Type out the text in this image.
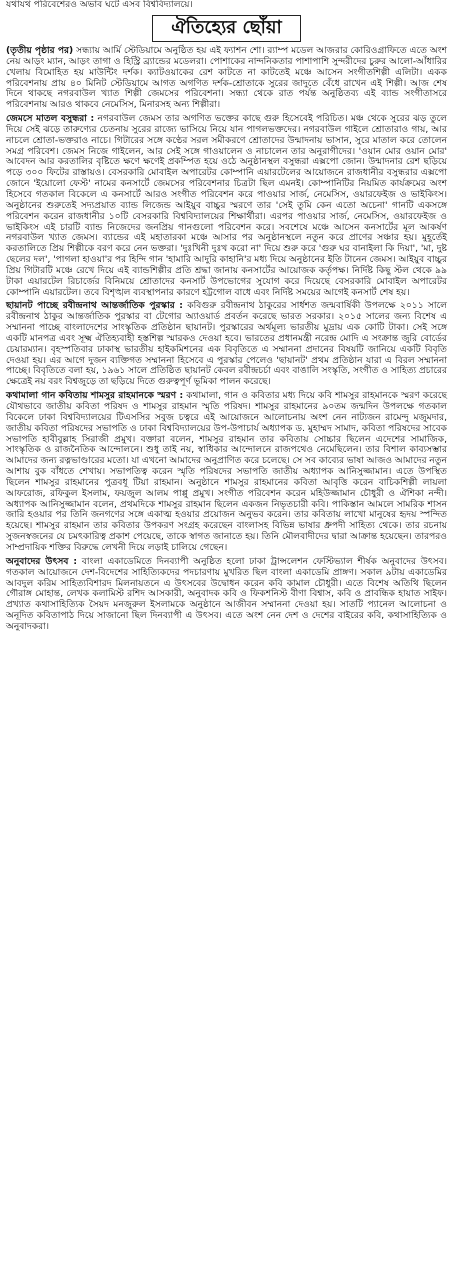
যথাযথ পরিবেশেরও অভাব ঘটে এসব বিশ্ববিদ্যালয়ে।
ঐতিহ্যের ছোঁয়া

(তৃতীয় পৃষ্ঠার পর) সন্ধ্যায় আর্মি স্টেডিয়ামে অনুষ্ঠিত হয় এই ফ্যাশন শো। র‌্যাম্প মডেল আজরার কোরিওগ্রাফিতে এতে অংশ নেয় আড়ং ম্যান, আড়ং তাগা ও হিস্ট্রি ব্র্যান্ডের মডেলরা। পোশাকের নান্দনিকতার পাশাপাশি সুন্দরীদের চুরুর আলো-আঁধারির খেলায় বিমোহিত হয় মাউন্টিং দর্শক। ক্যাটওয়াকের রেশ কাটতে না কাটতেই মঞ্চে আসেন সংগীতশিল্পী এলিটা। একক পরিবেশনায় প্রায় ৪০ মিনিট স্টেডিয়ামে আগত অগণিত দর্শক-শ্রোতাকে সুরের জাদুতে বেঁধে রাখেন এই শিল্পী। আজ শেষ দিনে থাকছে নগরবাউল খ্যাত শিল্পী জেমসের পরিবেশনা। সন্ধ্যা থেকে রাত পর্যন্ত অনুষ্ঠিতব্য এই ব্যান্ড সংগীতাসরে পরিবেশনায় আরও থাকবে নেমেসিস, মিনারসহ অন্য শিল্পীরা।

জেমসে মাতল বসুন্ধরা : নগরবাউল জেমস তার অগণিত ভক্তের কাছে গুরু হিসেবেই পরিচিত। মঞ্চ থেকে সুরের ঝড় তুলে দিয়ে সেই ঝড়ে তারুণ্যের চেতনায় সুরের রাজ্যে ভাসিয়ে নিয়ে যান পাগলভক্তদের। নগরবাউল গাইলে শ্রোতারাও গায়, আর নাচলে শ্রোতা-ভক্তরাও নাচে। গিটারের সঙ্গে কণ্ঠের সরল সমীকরণে শ্রোতাদের উন্মাদনায় ভাসান, সুরে মাতাল করে তোলেন সমগ্র পরিবেশ। জেমস নিজে গাইলেন, আর সেই সঙ্গে গাওয়ালেন ও নাচালেন তার অনুরাগীদের। 'ওয়ান মোর ওয়ান মোর' আবেদন আর করতালির বৃষ্টিতে ক্ষণে ক্ষণেই প্রকম্পিত হয়ে ওঠে অনুষ্ঠানস্থল বসুন্ধরা এক্সপো জোন। উন্মাদনার রেশ ছড়িয়ে পড়ে ৩০০ ফিটের রাস্তায়ও। বেসরকারি মোবাইল অপারেটর কোম্পানি এয়ারটেলের আয়োজনে রাজধানীর বসুন্ধরার এক্সপো জোনে 'ইয়োলো ফেস্ট' নামের কনসার্টে জেমসের পরিবেশনার চিত্রটা ছিল এমনই। কোম্পানিটির নিয়মিত কার্যক্রমের অংশ হিসেবে গতকাল বিকেলে এ কনসার্টে আরও সংগীত পরিবেশন করে পাওয়ার সার্জ, নেমেসিস, ওয়ারফেইজ ও ভাইকিংস। অনুষ্ঠানের শুরুতেই সদ্যপ্রয়াত ব্যান্ড লিজেন্ড আইয়ুব বাচ্চুর স্মরণে তার 'সেই তুমি কেন এতো অচেনা' গানটি একসঙ্গে পরিবেশন করেন রাজধানীর ১০টি বেসরকারি বিশ্ববিদ্যালয়ের শিক্ষার্থীরা। এরপর পাওয়ার সার্জ, নেমেসিস, ওয়ারফেইজ ও ভাইকিংস এই চারটি ব্যান্ড নিজেদের জনপ্রিয় গানগুলো পরিবেশন করে। সবশেষে মঞ্চে আসেন কনসার্টের মূল আকর্ষণ নগরবাউল খ্যাত জেমস। ব্যান্ডের এই মহাতারকা মঞ্চে আসার পর অনুষ্ঠানস্থলে নতুন করে প্রাণের সঞ্চার হয়। মুহূর্তেই করতালিতে প্রিয় শিল্পীকে বরণ করে নেন ভক্তরা। 'দুঃখিনী দুঃখ করো না' দিয়ে শুরু করে 'গুরু ঘর বানাইলা কি দিয়া', 'মা, দুষ্ট ছেলের দল', 'পাগলা হাওয়া'র পর হিন্দি গান 'হামারি আদুরি কাহানি'র মধ্য দিয়ে অনুষ্ঠানের ইতি টানেন জেমস। আইয়ুব বাচ্চুর প্রিয় গিটারটি মঞ্চে রেখে দিয়ে এই ব্যান্ডশিল্পীর প্রতি শ্রদ্ধা জানায় কনসার্টের আয়োজক কর্তৃপক্ষ। নির্দিষ্ট কিছু স্টল থেকে ৯৯ টাকা এয়ারটেল রিচার্জের বিনিময়ে শ্রোতাদের কনসার্ট উপভোগের সুযোগ করে দিয়েছে বেসরকারি মোবাইল অপারেটর কোম্পানি এয়ারটেল। তবে বিশৃঙ্খল ব্যবস্থাপনার কারণে হট্টগোল বাধে এবং নির্দিষ্ট সময়ের আগেই কনসার্ট শেষ হয়।

ছায়ানট পাচ্ছে রবীন্দ্রনাথ আন্তর্জাতিক পুরস্কার : কবিগুরু রবীন্দ্রনাথ ঠাকুরের সার্ধশত জন্মবার্ষিকী উপলক্ষে ২০১১ সালে রবীন্দ্রনাথ ঠাকুর আন্তর্জাতিক পুরস্কার বা টেগোর অ্যাওয়ার্ড প্রবর্তন করেছে ভারত সরকার। ২০১৫ সালের জন্য বিশেষ এ সম্মাননা পাচ্ছে বাংলাদেশের সাংস্কৃতিক প্রতিষ্ঠান ছায়ানট। পুরস্কারের অর্থমূল্য ভারতীয় মুদ্রায় এক কোটি টাকা। সেই সঙ্গে একটি মানপত্র এবং সূক্ষ্ম ঐতিহ্যবাহী হস্তশিল্প স্মারকও দেওয়া হবে। ভারতের প্রধানমন্ত্রী নরেন্দ্র মোদি এ সংক্রান্ত জুরি বোর্ডের চেয়ারম্যান। বৃহস্পতিবার ঢাকাস্থ ভারতীয় হাইকমিশনের এক বিবৃতিতে এ সম্মাননা প্রদানের বিষয়টি জানিয়ে একটি বিবৃতি দেওয়া হয়। এর আগে দুজন ব্যক্তিগত সম্মাননা হিসেবে এ পুরস্কার পেলেও 'ছায়ানট' প্রথম প্রতিষ্ঠান যারা এ বিরল সম্মাননা পাচ্ছে। বিবৃতিতে বলা হয়, ১৯৬১ সালে প্রতিষ্ঠিত ছায়ানট কেবল রবীন্দ্রচর্চা এবং বাঙালি সংস্কৃতি, সংগীত ও সাহিত্য প্রচারের ক্ষেত্রেই নয় বরং বিশ্বজুড়ে তা ছড়িয়ে দিতে গুরুত্বপূর্ণ ভূমিকা পালন করেছে।

কথামালা গান কবিতায় শামসুর রাহমানকে স্মরণ : কথামালা, গান ও কবিতার মধ্য দিয়ে কবি শামসুর রাহমানকে স্মরণ করেছে যৌথভাবে জাতীয় কবিতা পরিষদ ও শামসুর রাহমান স্মৃতি পরিষদ। শামসুর রাহমানের ৯০তম জন্মদিন উপলক্ষে গতকাল বিকেলে ঢাকা বিশ্ববিদ্যালয়ের টিএসসির সবুজ চত্বরে এই আয়োজনে আলোচনায় অংশ নেন নাট্যজন রামেন্দু মজুমদার, জাতীয় কবিতা পরিষদের সভাপতি ও ঢাকা বিশ্ববিদ্যালয়ের উপ-উপাচার্য অধ্যাপক ড. মুহাম্মদ সামাদ, কবিতা পরিষদের সাবেক সভাপতি হাবীবুল্লাহ সিরাজী প্রমুখ। বক্তারা বলেন, শামসুর রাহমান তার কবিতায় সোচ্চার ছিলেন এদেশের সামাজিক, সাংস্কৃতিক ও রাজনৈতিক আন্দোলনে। শুধু তাই নয়, স্বাধিকার আন্দোলনে রাজপথেও নেমেছিলেন। তার বিশাল কাব্যসম্ভার আমাদের জন্য রত্নভাণ্ডারের মতো। যা এখনো আমাদের অনুপ্রাণিত করে চলেছে। সে সব কাব্যের ভাষা আজও আমাদের নতুন আশায় বুক বাঁধতে শেখায়। সভাপতিত্ব করেন স্মৃতি পরিষদের সভাপতি জাতীয় অধ্যাপক আনিসুজ্জামান। এতে উপস্থিত ছিলেন শামসুর রাহমানের পুত্রবধূ টিয়া রাহমান। অনুষ্ঠানে শামসুর রাহমানের কবিতা আবৃত্তি করেন বাচিকশিল্পী লায়লা আফরোজ, রফিকুল ইসলাম, ফয়জুল আলম পাপ্পু প্রমুখ। সংগীত পরিবেশন করেন মহিউজ্জামান চৌধুরী ও ঐশিকা নন্দী। অধ্যাপক আনিসুজ্জামান বলেন, প্রথমদিকে শামসুর রাহমান ছিলেন একজন নিভৃতচারী কবি। পাকিস্তান আমলে সামরিক শাসন জারি হওয়ার পর তিনি জনগণের সঙ্গে একাত্ম হওয়ার প্রয়োজন অনুভব করেন। তার কবিতায় লাখো মানুষের হৃদয় স্পন্দিত হয়েছে। শামসুর রাহমান তার কবিতার উপকরণ সংগ্রহ করেছেন বাংলাসহ বিভিন্ন ভাষার ধ্রুপদী সাহিত্য থেকে। তার রচনায় সুজনস্বজনের যে চমৎকারিত্ব প্রকাশ পেয়েছে, তাকে স্বাগত জানাতে হয়। তিনি মৌলবাদীদের দ্বারা আক্রান্ত হয়েছেন। তারপরও সাম্প্রদায়িক শক্তির বিরুদ্ধে লেখনী দিয়ে লড়াই চালিয়ে গেছেন।

অনুবাদের উৎসব : বাংলা একাডেমিতে দিনব্যাপী অনুষ্ঠিত হলো ঢাকা ট্রান্সলেশন ফেস্টিভ্যাল শীর্ষক অনুবাদের উৎসব। গতকাল আয়োজনে দেশ-বিদেশের সাহিত্যিকদের পদচারণায় মুখরিত ছিল বাংলা একাডেমি প্রাঙ্গণ। সকাল ৯টায় একাডেমির আবদুল করিম সাহিত্যবিশারদ মিলনায়তনে এ উৎসবের উদ্বোধন করেন কবি কামাল চৌধুরী। এতে বিশেষ অতিথি ছিলেন গৌরাঙ্গ মোহান্ত, লেখক কলামিস্ট রশিদ আসকারী, অনুবাদক কবি ও ফিকশনিস্ট বীণা বিশ্বাস, কবি ও প্রাবন্ধিক হায়াত সাইফ। প্রখ্যাত কথাসাহিত্যিক সৈয়দ মনজুরুল ইসলামকে অনুষ্ঠানে আজীবন সম্মাননা দেওয়া হয়। সাতটি প্যানেল আলোচনা ও অনূদিত কবিতাপাঠ দিয়ে সাজানো ছিল দিনব্যাপী এ উৎসব। এতে অংশ নেন দেশ ও দেশের বাইরের কবি, কথাসাহিত্যিক ও অনুবাদকরা।
